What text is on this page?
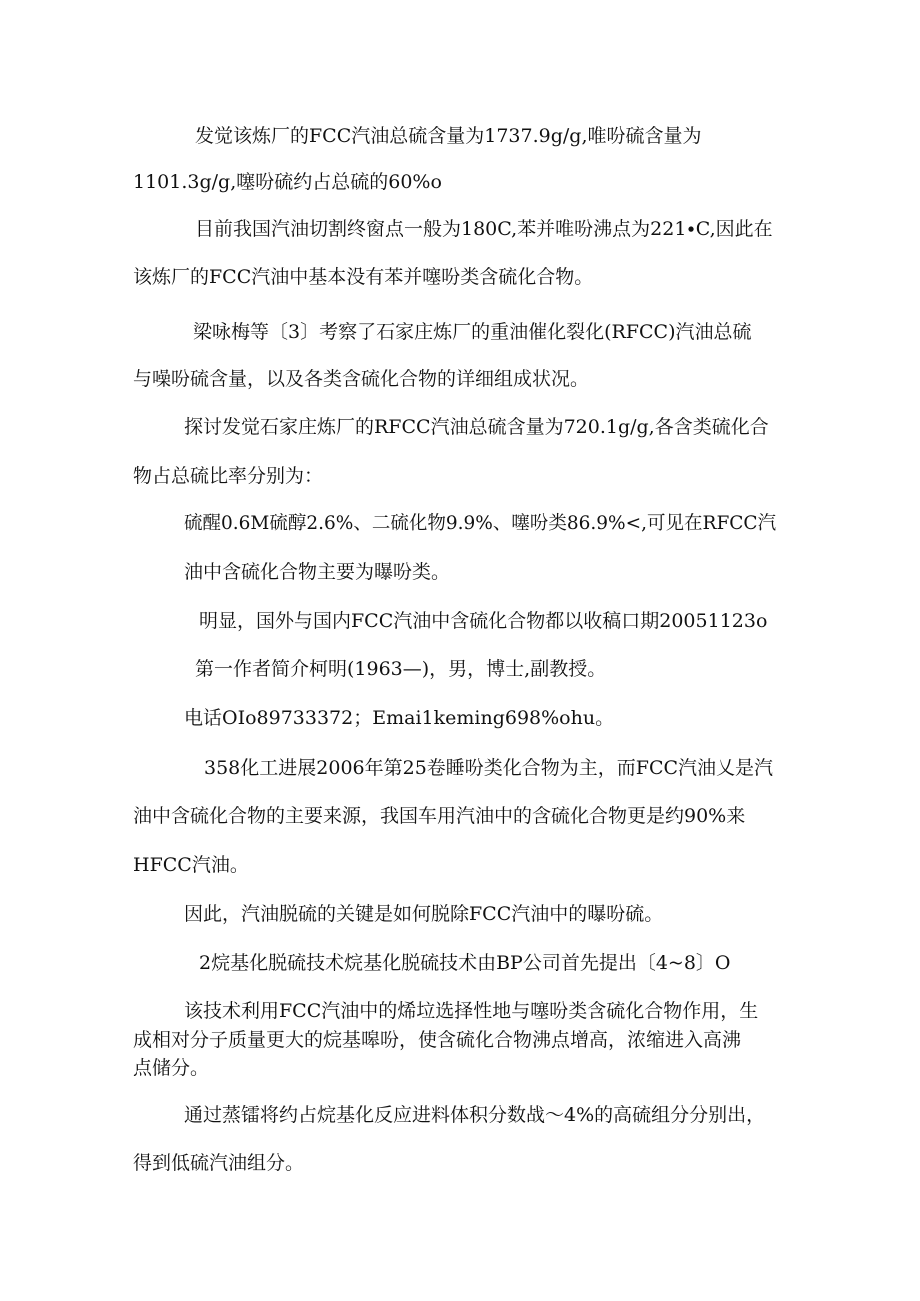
发觉该炼厂的FCC汽油总硫含量为1737.9g∕g,唯吩硫含量为
1101.3g∕g,噻吩硫约占总硫的60%o
目前我国汽油切割终窗点一般为180C,苯并唯吩沸点为221∙C,因此在
该炼厂的FCC汽油中基本没有苯并噻吩类含硫化合物。
梁咏梅等〔3〕考察了石家庄炼厂的重油催化裂化(RFCC)汽油总硫
与噪吩硫含量，以及各类含硫化合物的详细组成状况。
探讨发觉石家庄炼厂的RFCC汽油总硫含量为720.1g∕g,各含类硫化合
物占总硫比率分别为：
硫醒0.6M硫醇2.6%、二硫化物9.9%、噻吩类86.9%<,可见在RFCC汽
油中含硫化合物主要为曝吩类。
明显，国外与国内FCC汽油中含硫化合物都以收稿口期20051123o
第一作者简介柯明(1963—)，男，博士,副教授。
电话OIo89733372；Emai1keming698%ohu。
358化工进展2006年第25卷睡吩类化合物为主，而FCC汽油乂是汽
油中含硫化合物的主要来源，我国车用汽油中的含硫化合物更是约90%来
HFCC汽油。
因此，汽油脱硫的关键是如何脱除FCC汽油中的曝吩硫。
2烷基化脱硫技术烷基化脱硫技术由BP公司首先提出〔4~8〕O
该技术利用FCC汽油中的烯垃选择性地与噻吩类含硫化合物作用，生
成相对分子质量更大的烷基嗥吩，使含硫化合物沸点增高，浓缩进入高沸
点储分。
通过蒸镭将约占烷基化反应进料体积分数战～4%的高硫组分分别出，
得到低硫汽油组分。
